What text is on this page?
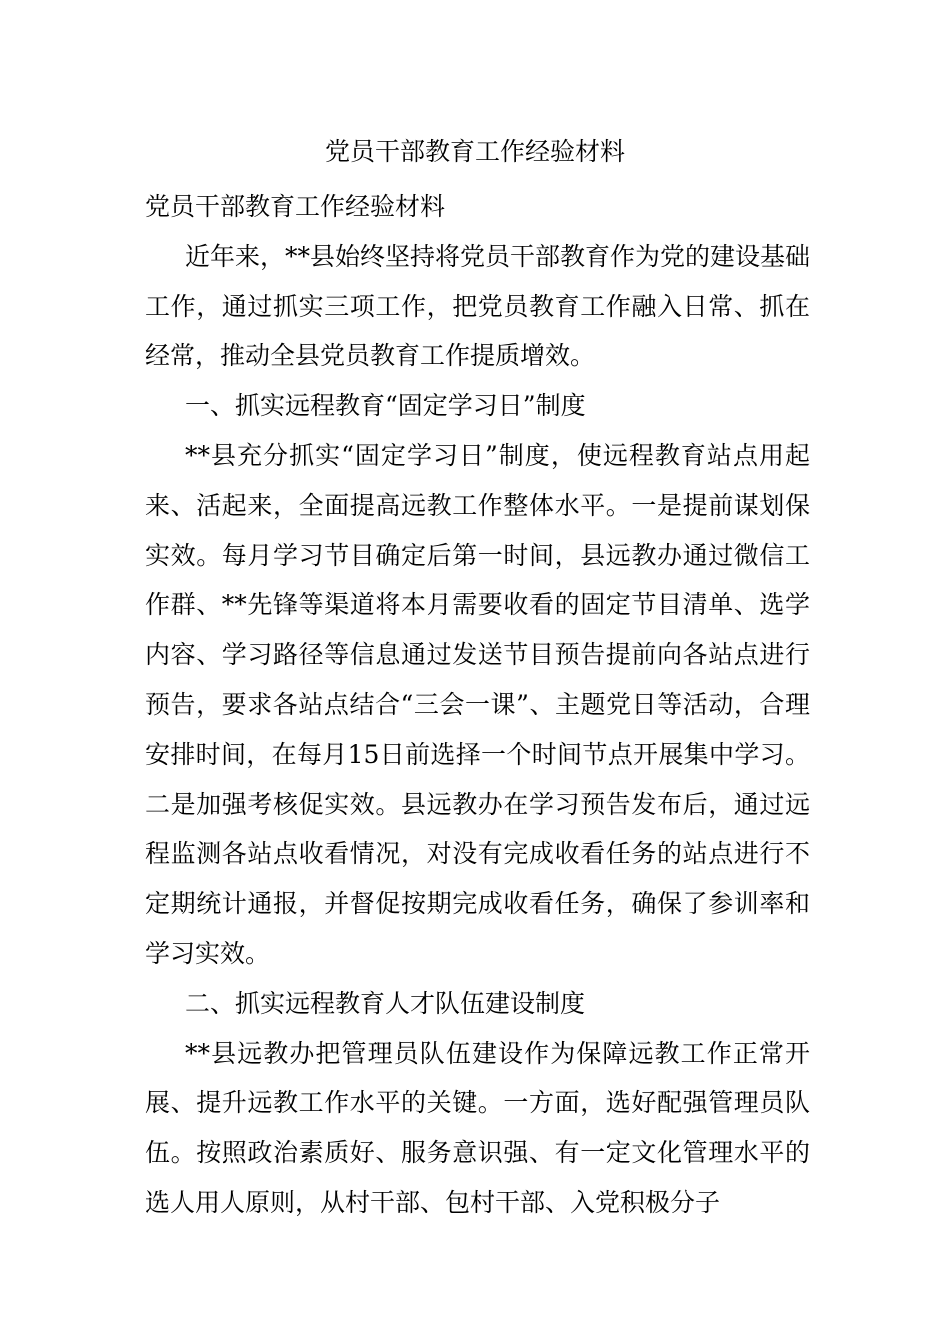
党员干部教育工作经验材料

党员干部教育工作经验材料

近年来，**县始终坚持将党员干部教育作为党的建设基础工作，通过抓实三项工作，把党员教育工作融入日常、抓在经常，推动全县党员教育工作提质增效。

一、抓实远程教育“固定学习日”制度

**县充分抓实“固定学习日”制度，使远程教育站点用起来、活起来，全面提高远教工作整体水平。一是提前谋划保实效。每月学习节目确定后第一时间，县远教办通过微信工作群、**先锋等渠道将本月需要收看的固定节目清单、选学内容、学习路径等信息通过发送节目预告提前向各站点进行预告，要求各站点结合“三会一课”、主题党日等活动，合理安排时间，在每月15日前选择一个时间节点开展集中学习。二是加强考核促实效。县远教办在学习预告发布后，通过远程监测各站点收看情况，对没有完成收看任务的站点进行不定期统计通报，并督促按期完成收看任务，确保了参训率和学习实效。

二、抓实远程教育人才队伍建设制度

**县远教办把管理员队伍建设作为保障远教工作正常开展、提升远教工作水平的关键。一方面，选好配强管理员队伍。按照政治素质好、服务意识强、有一定文化管理水平的选人用人原则，从村干部、包村干部、入党积极分子
